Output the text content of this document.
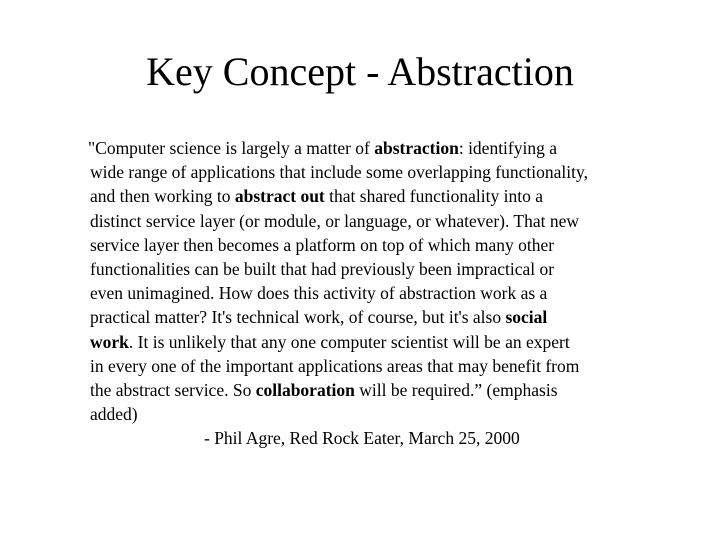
Key Concept - Abstraction

"Computer science is largely a matter of abstraction: identifying a
wide range of applications that include some overlapping functionality,
and then working to abstract out that shared functionality into a
distinct service layer (or module, or language, or whatever). That new
service layer then becomes a platform on top of which many other
functionalities can be built that had previously been impractical or
even unimagined. How does this activity of abstraction work as a
practical matter? It's technical work, of course, but it's also social
work. It is unlikely that any one computer scientist will be an expert
in every one of the important applications areas that may benefit from
the abstract service. So collaboration will be required.” (emphasis
added)

- Phil Agre, Red Rock Eater, March 25, 2000
